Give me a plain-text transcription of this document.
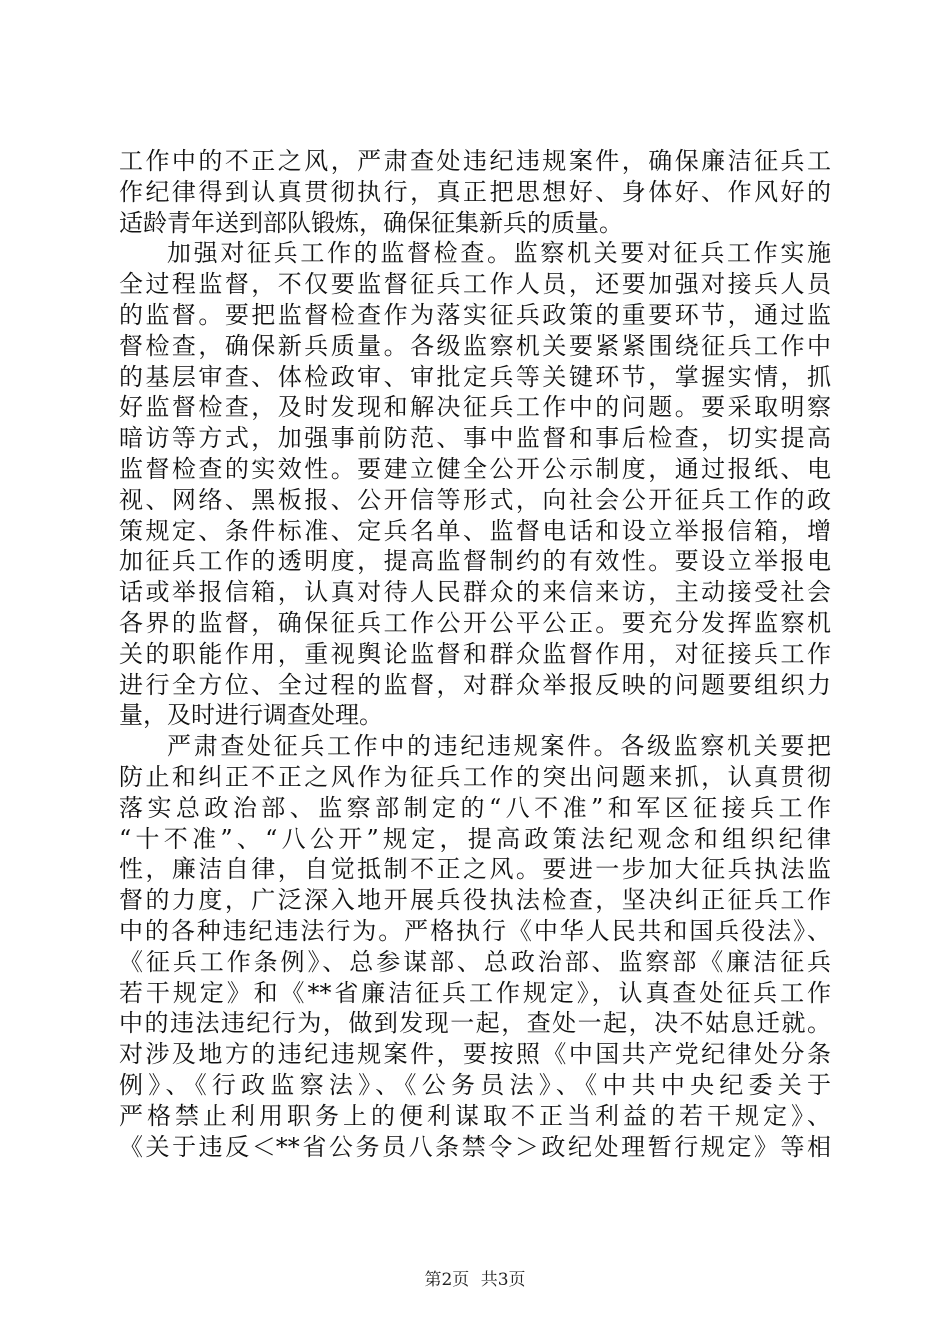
工作中的不正之风，严肃查处违纪违规案件，确保廉洁征兵工
作纪律得到认真贯彻执行，真正把思想好、身体好、作风好的
适龄青年送到部队锻炼，确保征集新兵的质量。
加强对征兵工作的监督检查。监察机关要对征兵工作实施
全过程监督，不仅要监督征兵工作人员，还要加强对接兵人员
的监督。要把监督检查作为落实征兵政策的重要环节，通过监
督检查，确保新兵质量。各级监察机关要紧紧围绕征兵工作中
的基层审查、体检政审、审批定兵等关键环节，掌握实情，抓
好监督检查，及时发现和解决征兵工作中的问题。要采取明察
暗访等方式，加强事前防范、事中监督和事后检查，切实提高
监督检查的实效性。要建立健全公开公示制度，通过报纸、电
视、网络、黑板报、公开信等形式，向社会公开征兵工作的政
策规定、条件标准、定兵名单、监督电话和设立举报信箱，增
加征兵工作的透明度，提高监督制约的有效性。要设立举报电
话或举报信箱，认真对待人民群众的来信来访，主动接受社会
各界的监督，确保征兵工作公开公平公正。要充分发挥监察机
关的职能作用，重视舆论监督和群众监督作用，对征接兵工作
进行全方位、全过程的监督，对群众举报反映的问题要组织力
量，及时进行调查处理。
严肃查处征兵工作中的违纪违规案件。各级监察机关要把
防止和纠正不正之风作为征兵工作的突出问题来抓，认真贯彻
落实总政治部、监察部制定的“八不准”和军区征接兵工作
“十不准”、“八公开”规定，提高政策法纪观念和组织纪律
性，廉洁自律，自觉抵制不正之风。要进一步加大征兵执法监
督的力度，广泛深入地开展兵役执法检查，坚决纠正征兵工作
中的各种违纪违法行为。严格执行《中华人民共和国兵役法》、
《征兵工作条例》、总参谋部、总政治部、监察部《廉洁征兵
若干规定》和《**省廉洁征兵工作规定》，认真查处征兵工作
中的违法违纪行为，做到发现一起，查处一起，决不姑息迁就。
对涉及地方的违纪违规案件，要按照《中国共产党纪律处分条
例》、《行政监察法》、《公务员法》、《中共中央纪委关于
严格禁止利用职务上的便利谋取不正当利益的若干规定》、
《关于违反＜**省公务员八条禁令＞政纪处理暂行规定》等相
第2页 共3页
